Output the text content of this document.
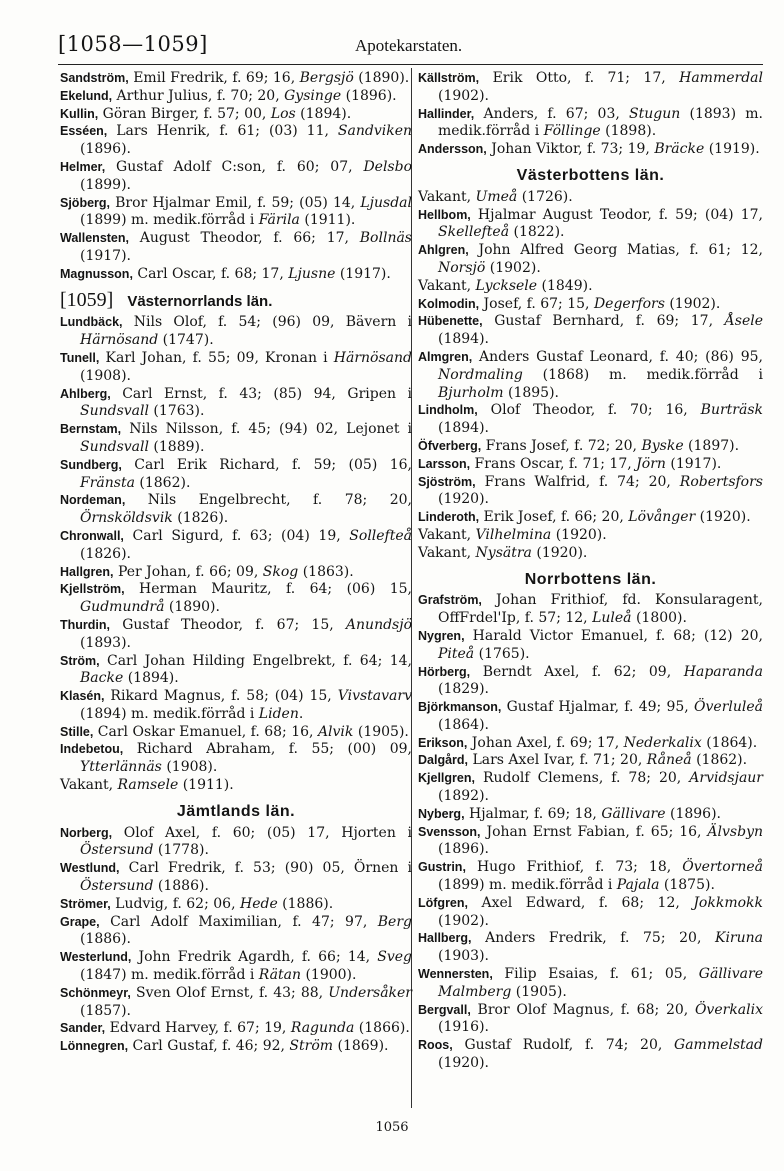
[1058—1059]	Apotekarstaten.

Sandström, Emil Fredrik, f. 69; 16, Bergsjö (1890).

Ekelund, Arthur Julius, f. 70; 20, Gysinge (1896).

Kullin, Göran Birger, f. 57; 00, Los (1894).

Esséen, Lars Henrik, f. 61; (03) 11, Sandviken (1896).

Helmer, Gustaf Adolf C:son, f. 60; 07, Delsbo (1899).

Sjöberg, Bror Hjalmar Emil, f. 59; (05) 14, Ljusdal (1899) m. medik.förråd i Färila (1911).

Wallensten, August Theodor, f. 66; 17, Bollnäs (1917).

Magnusson, Carl Oscar, f. 68; 17, Ljusne (1917).

[1059] Västernorrlands län.

Lundbäck, Nils Olof, f. 54; (96) 09, Bävern i Härnösand (1747).

Tunell, Karl Johan, f. 55; 09, Kronan i Härnösand (1908).

Ahlberg, Carl Ernst, f. 43; (85) 94, Gripen i Sundsvall (1763).

Bernstam, Nils Nilsson, f. 45; (94) 02, Lejonet i Sundsvall (1889).

Sundberg, Carl Erik Richard, f. 59; (05) 16, Fränsta (1862).

Nordeman, Nils Engelbrecht, f. 78; 20, Örnsköldsvik (1826).

Chronwall, Carl Sigurd, f. 63; (04) 19, Sollefteå (1826).

Hallgren, Per Johan, f. 66; 09, Skog (1863).

Kjellström, Herman Mauritz, f. 64; (06) 15, Gudmundrå (1890).

Thurdin, Gustaf Theodor, f. 67; 15, Anundsjö (1893).

Ström, Carl Johan Hilding Engelbrekt, f. 64; 14, Backe (1894).

Klasén, Rikard Magnus, f. 58; (04) 15, Vivstavarv (1894) m. medik.förråd i Liden.

Stille, Carl Oskar Emanuel, f. 68; 16, Alvik (1905).

Indebetou, Richard Abraham, f. 55; (00) 09, Ytterlännäs (1908).

Vakant, Ramsele (1911).

Jämtlands län.

Norberg, Olof Axel, f. 60; (05) 17, Hjorten i Östersund (1778).

Westlund, Carl Fredrik, f. 53; (90) 05, Örnen i Östersund (1886).

Strömer, Ludvig, f. 62; 06, Hede (1886).

Grape, Carl Adolf Maximilian, f. 47; 97, Berg (1886).

Westerlund, John Fredrik Agardh, f. 66; 14, Sveg (1847) m. medik.förråd i Rätan (1900).

Schönmeyr, Sven Olof Ernst, f. 43; 88, Undersåker (1857).

Sander, Edvard Harvey, f. 67; 19, Ragunda (1866).

Lönnegren, Carl Gustaf, f. 46; 92, Ström (1869).

Källström, Erik Otto, f. 71; 17, Hammerdal (1902).

Hallinder, Anders, f. 67; 03, Stugun (1893) m. medik.förråd i Föllinge (1898).

Andersson, Johan Viktor, f. 73; 19, Bräcke (1919).

Västerbottens län.

Vakant, Umeå (1726).

Hellbom, Hjalmar August Teodor, f. 59; (04) 17, Skellefteå (1822).

Ahlgren, John Alfred Georg Matias, f. 61; 12, Norsjö (1902).

Vakant, Lycksele (1849).

Kolmodin, Josef, f. 67; 15, Degerfors (1902).

Hübenette, Gustaf Bernhard, f. 69; 17, Åsele (1894).

Almgren, Anders Gustaf Leonard, f. 40; (86) 95, Nordmaling (1868) m. medik.förråd i Bjurholm (1895).

Lindholm, Olof Theodor, f. 70; 16, Burträsk (1894).

Öfverberg, Frans Josef, f. 72; 20, Byske (1897).

Larsson, Frans Oscar, f. 71; 17, Jörn (1917).

Sjöström, Frans Walfrid, f. 74; 20, Robertsfors (1920).

Linderoth, Erik Josef, f. 66; 20, Lövånger (1920).

Vakant, Vilhelmina (1920).

Vakant, Nysätra (1920).

Norrbottens län.

Grafström, Johan Frithiof, fd. Konsularagent, OffFrdel'Ip, f. 57; 12, Luleå (1800).

Nygren, Harald Victor Emanuel, f. 68; (12) 20, Piteå (1765).

Hörberg, Berndt Axel, f. 62; 09, Haparanda (1829).

Björkmanson, Gustaf Hjalmar, f. 49; 95, Överluleå (1864).

Erikson, Johan Axel, f. 69; 17, Nederkalix (1864).

Dalgård, Lars Axel Ivar, f. 71; 20, Råneå (1862).

Kjellgren, Rudolf Clemens, f. 78; 20, Arvidsjaur (1892).

Nyberg, Hjalmar, f. 69; 18, Gällivare (1896).

Svensson, Johan Ernst Fabian, f. 65; 16, Älvsbyn (1896).

Gustrin, Hugo Frithiof, f. 73; 18, Övertorneå (1899) m. medik.förråd i Pajala (1875).

Löfgren, Axel Edward, f. 68; 12, Jokkmokk (1902).

Hallberg, Anders Fredrik, f. 75; 20, Kiruna (1903).

Wennersten, Filip Esaias, f. 61; 05, Gällivare Malmberg (1905).

Bergvall, Bror Olof Magnus, f. 68; 20, Överkalix (1916).

Roos, Gustaf Rudolf, f. 74; 20, Gammelstad (1920).

1056
